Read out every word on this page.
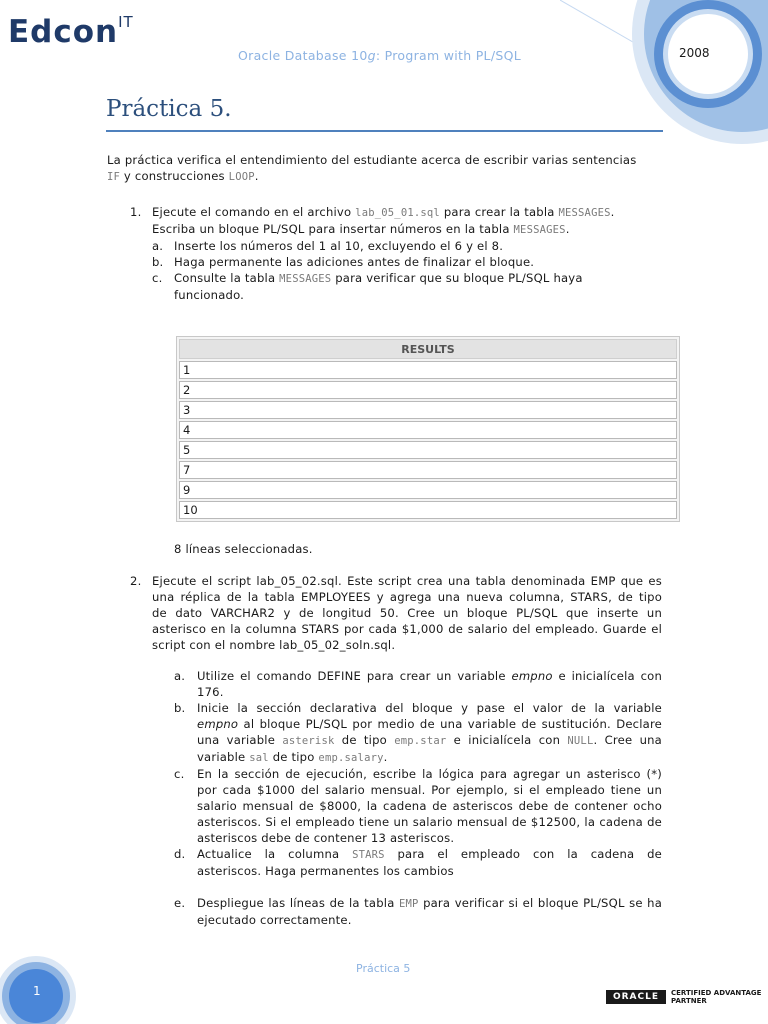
Edcon$^{IT}$
Oracle Database 10g: Program with PL/SQL	2008
Práctica 5.
La práctica verifica el entendimiento del estudiante acerca de escribir varias sentencias
IF y construcciones LOOP.
1. Ejecute el comando en el archivo lab_05_01.sql para crear la tabla MESSAGES.
Escriba un bloque PL/SQL para insertar números en la tabla MESSAGES.
a. Inserte los números del 1 al 10, excluyendo el 6 y el 8.
b. Haga permanente las adiciones antes de finalizar el bloque.
c. Consulte la tabla MESSAGES para verificar que su bloque PL/SQL haya
funcionado.
RESULTS
1
2
3
4
5
7
9
10
8 líneas seleccionadas.
2. Ejecute el script lab_05_02.sql. Este script crea una tabla denominada EMP que es
una réplica de la tabla EMPLOYEES y agrega una nueva columna, STARS, de tipo
de dato VARCHAR2 y de longitud 50. Cree un bloque PL/SQL que inserte un
asterisco en la columna STARS por cada $1,000 de salario del empleado. Guarde el
script con el nombre lab_05_02_soln.sql.
a. Utilize el comando DEFINE para crear un variable empno e inicialícela con
176.
b. Inicie la sección declarativa del bloque y pase el valor de la variable
empno al bloque PL/SQL por medio de una variable de sustitución. Declare
una variable asterisk de tipo emp.star e inicialícela con NULL. Cree una
variable sal de tipo emp.salary.
c. En la sección de ejecución, escribe la lógica para agregar un asterisco (*)
por cada $1000 del salario mensual. Por ejemplo, si el empleado tiene un
salario mensual de $8000, la cadena de asteriscos debe de contener ocho
asteriscos. Si el empleado tiene un salario mensual de $12500, la cadena de
asteriscos debe de contener 13 asteriscos.
d. Actualice la columna STARS para el empleado con la cadena de
asteriscos. Haga permanentes los cambios
e. Despliegue las líneas de la tabla EMP para verificar si el bloque PL/SQL se ha
ejecutado correctamente.
Práctica 5
1	ORACLE	CERTIFIED ADVANTAGE
PARTNER
